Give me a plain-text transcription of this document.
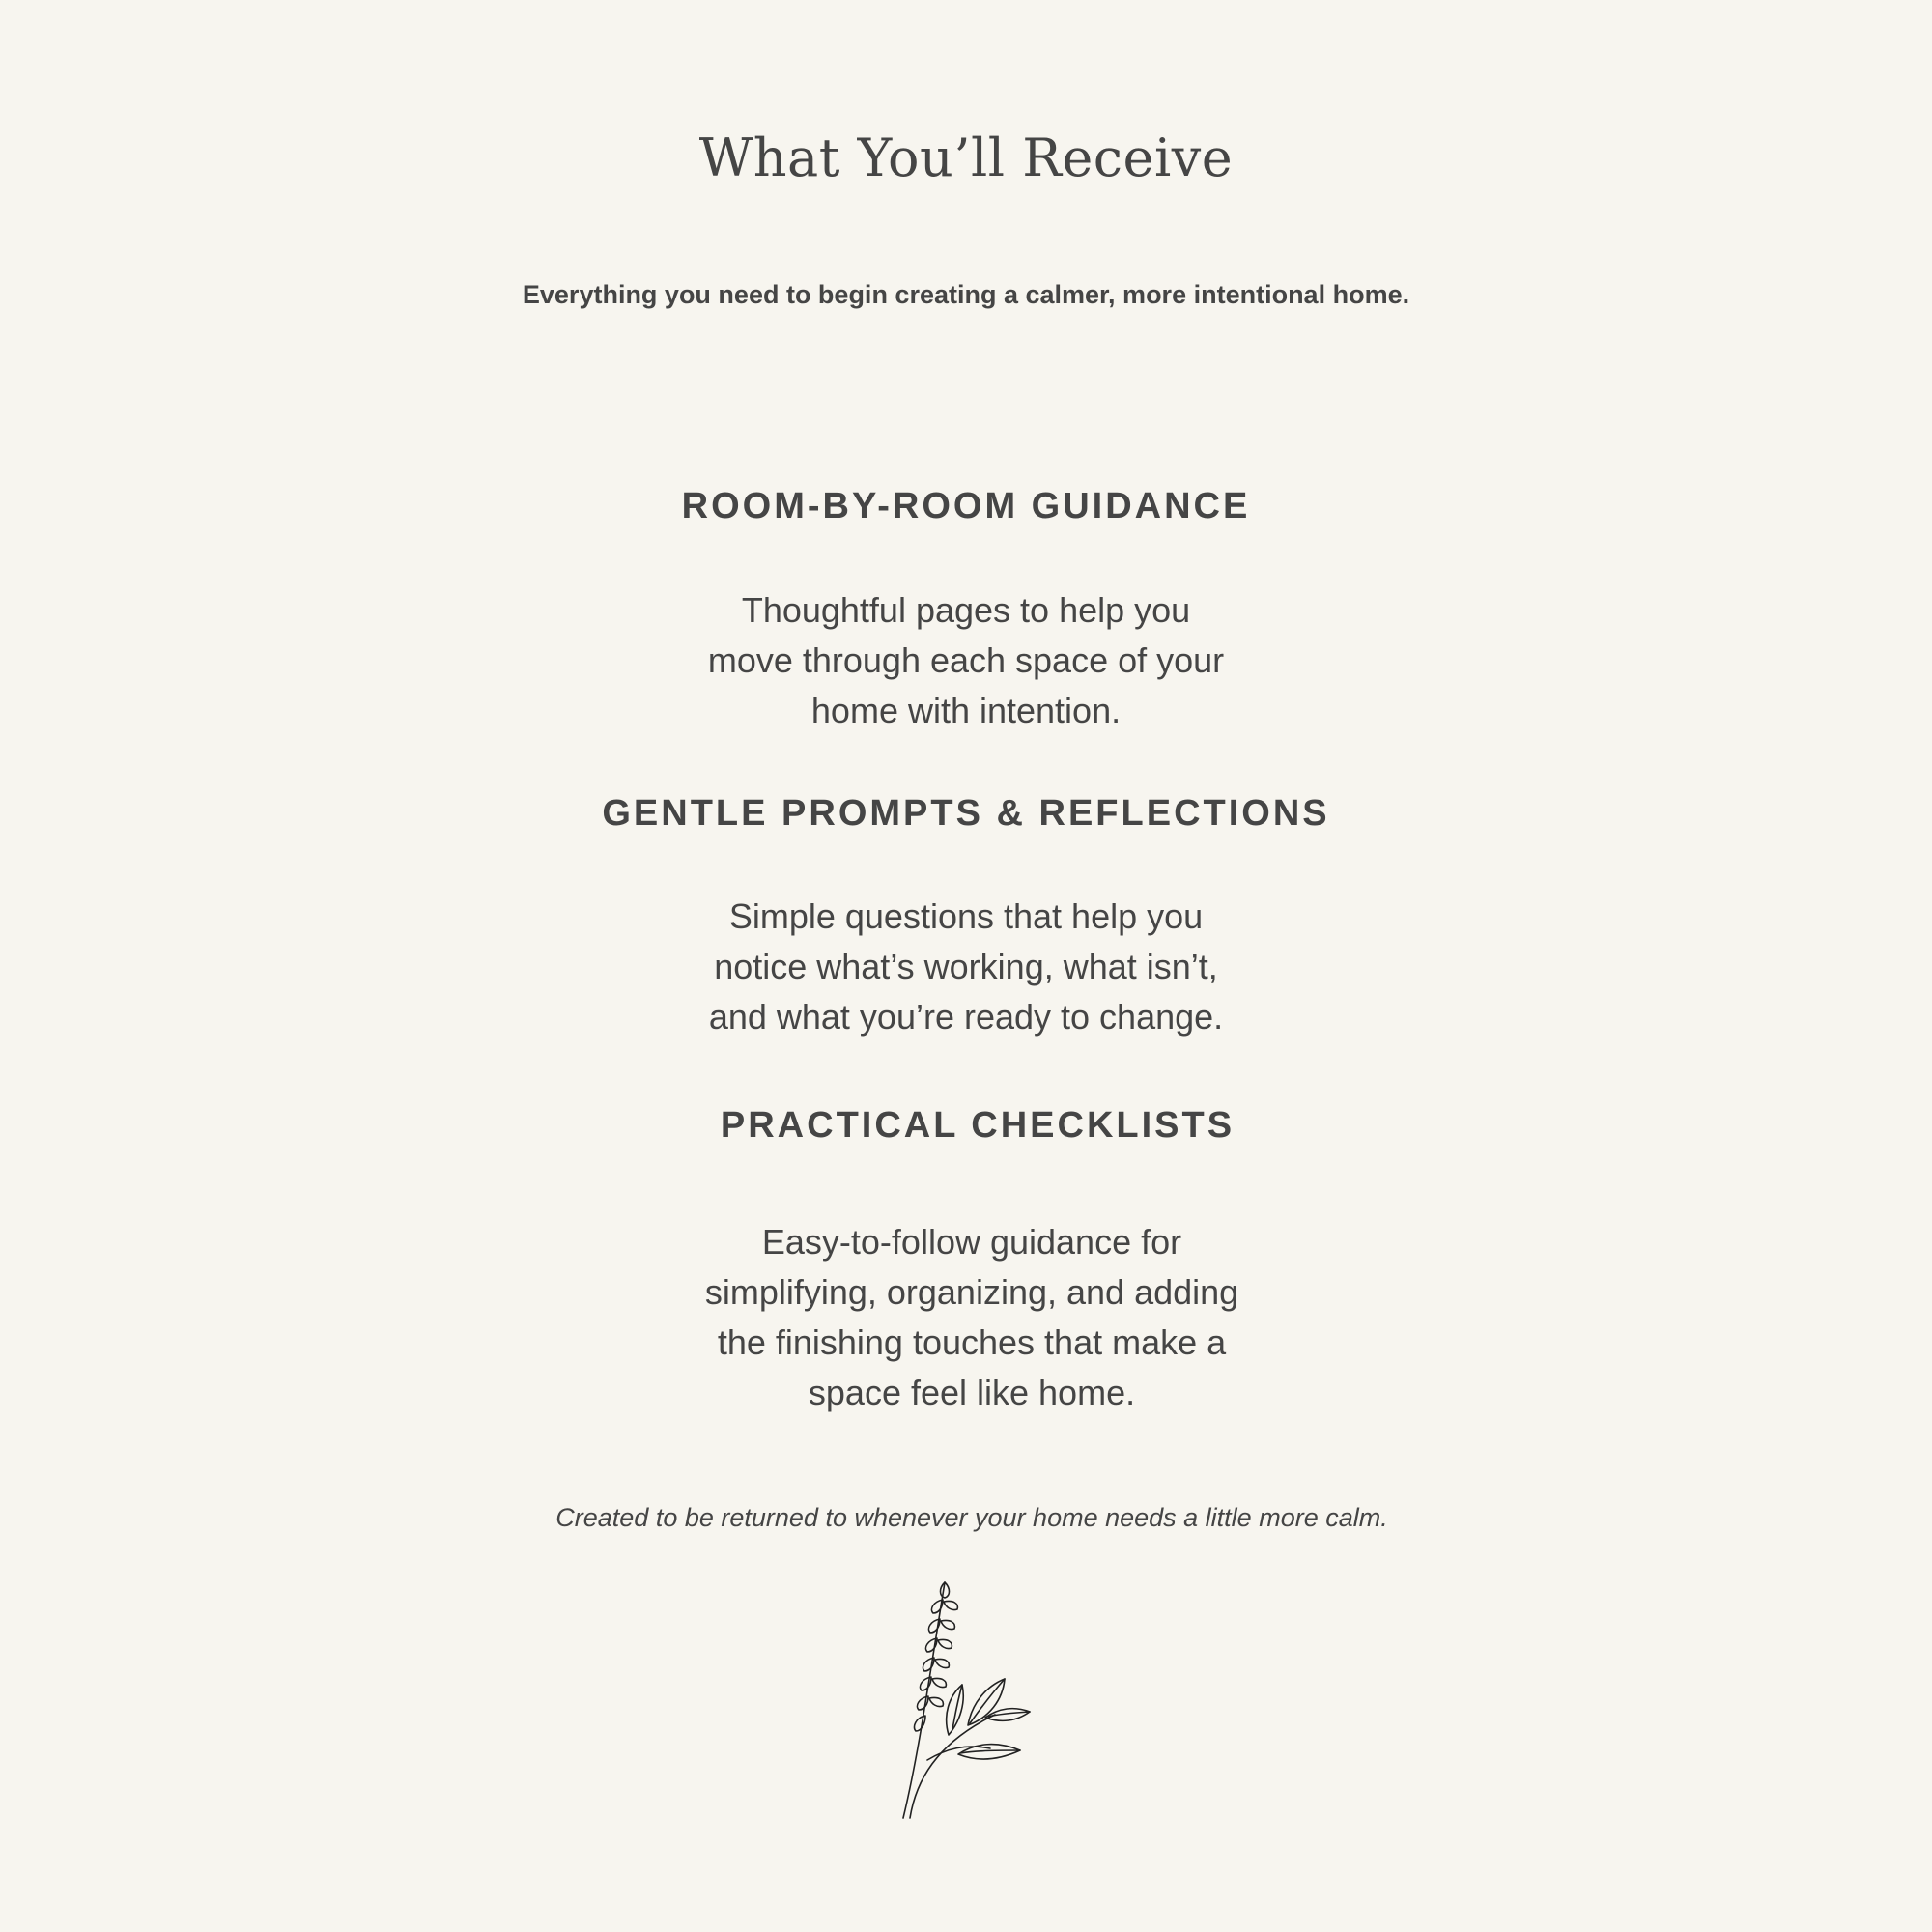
What You’ll Receive

Everything you need to begin creating a calmer, more intentional home.

ROOM-BY-ROOM GUIDANCE
Thoughtful pages to help you
move through each space of your
home with intention.
GENTLE PROMPTS & REFLECTIONS
Simple questions that help you
notice what’s working, what isn’t,
and what you’re ready to change.
PRACTICAL CHECKLISTS
Easy-to-follow guidance for
simplifying, organizing, and adding
the finishing touches that make a
space feel like home.

Created to be returned to whenever your home needs a little more calm.
